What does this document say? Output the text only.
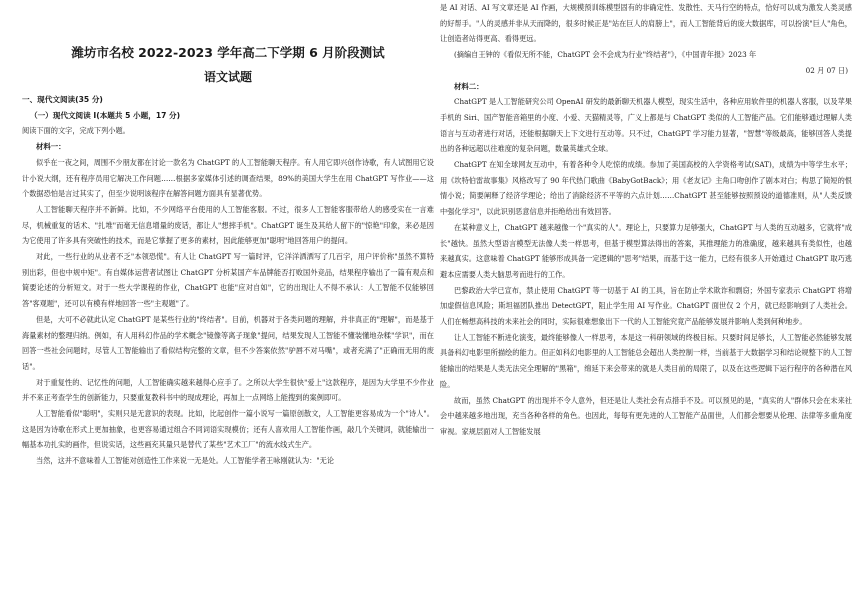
潍坊市名校 2022-2023 学年高二下学期 6 月阶段测试
语文试题

一、现代文阅读(35 分)

（一）现代文阅读 I(本题共 5 小题，17 分)

阅读下面的文字，完成下列小题。

材料一：

似乎在一夜之间，周围不少朋友都在讨论一款名为 ChatGPT 的人工智能聊天程序。有人用它即兴创作诗歌，有人试图用它设计小说大纲，还有程序员用它解决工作问题……根据多家媒体引述的调查结果，89%的美国大学生在用 ChatGPT 写作业——这个数据恐怕是言过其实了，但至少说明该程序在解答问题方面具有显著优势。

人工智能聊天程序并不新鲜。比如，不少网络平台使用的人工智能客服。不过，很多人工智能客服带给人的感受实在一言难尽，机械重复的话术、"扎堆"而毫无信息增量的废话，都让人"想摔手机"。ChatGPT 诞生及其给人留下的"惊艳"印象，来必是因为它使用了许多具有突破性的技术，而是它掌握了更多的素材，因此能够更加"聪明"地回答用户的提问。

对此，一些行业的从业者不乏"本领恐慌"。有人让 ChatGPT 写一篇时评，它洋洋洒洒写了几百字，用户评价称"虽然不算特别出彩，但也中规中矩"。有自媒体运营者试图让 ChatGPT 分析某国产车品牌能否打败国外竞品，结果程序输出了一篇有观点和简要论述的分析短文。对于一些大学课程的作业，ChatGPT 也能"应对自如"，它的出现让人不得不承认：人工智能不仅能够回答"客观题"，还可以有模有样地回答一些"主观题"了。

但是，大可不必就此认定 ChatGPT 是某些行业的"终结者"。目前，机器对于各类问题的理解，并非真正的"理解"，而是基于海量素材的整理归纳。例如，有人用科幻作品的学术概念"镜像等离子现象"提问，结果发现人工智能不懂装懂地杂糅"学识"，而在回答一些社会问题时，尽管人工智能输出了看似结构完整的文章，但不少答案依然"驴唇不对马嘴"，或者充满了"正确而无用的废话"。

对于重复性的、记忆性的问题，人工智能确实越来越得心应手了。之所以大学生很快"爱上"这款程序，是因为大学里不少作业并不来正考查学生的创新能力，只要重复教科书中的现成理论，再加上一点网络上能搜到的案例即可。

人工智能看似"聪明"，实则只是无意识的表现。比如，比起创作一篇小说写一篇原创散文，人工智能更容易成为一个"诗人"。这是因为诗歌在形式上更加抽象，也更容易通过组合不同词语实现模仿；还有人喜欢用人工智能作画，敲几个关键词，就能输出一幅基本功扎实的画作，但说实话，这些画充其量只是替代了某些"艺术工厂"的流水线式生产。

当然，这并不意味着人工智能对创造性工作来说一无是处。人工智能学者王咏刚就认为："无论

是 AI 对话、AI 写文章还是 AI 作画，大规模预训练模型固有的非确定性、发散性、天马行空的特点，恰好可以成为激发人类灵感的好帮手。"人的灵感并非从天而降的，很多时候正是"站在巨人的肩膀上"，而人工智能背后的庞大数据库，可以扮演"巨人"角色，让创造者站得更高、看得更远。

(摘编自王钟的《看似无所不能，ChatGPT 会不会成为行业"终结者"》，《中国青年报》2023 年

02 月 07 日)

材料二：

ChatGPT 是人工智能研究公司 OpenAI 研发的最新聊天机器人模型，现实生活中，各种应用软件里的机器人客服，以及苹果手机的 Siri、国产智能音箱里的小度、小爱、天猫精灵等，广义上都是与 ChatGPT 类似的人工智能产品。它们能够通过理解人类语言与互动者进行对话，还能根据聊天上下文进行互动等。只不过，ChatGPT 学习能力显著，"智慧"等级最高，能够回答人类提出的各种远超以往难度的复杂问题，数量英雄式全球。

ChatGPT 在知全球网友互动中，有着各种令人吃惊的成绩。参加了美国高校的入学资格考试(SAT)，成绩为中等学生水平；用《坎特伯雷故事集》风格改写了 90 年代热门歌曲《BabyGotBack》；用《老友记》主角口吻创作了剧本对白；构思了简短的恨情小说；简要阐释了经济学理论；给出了消除经济不平等的六点计划……ChatGPT 甚至能够按照预设的道德准则，从"人类反馈中强化学习"，以此识别恶意信息并拒绝给出有效回答。

在某种意义上，ChatGPT 越来越像一个"真实的人"。理论上，只要算力足够强大，ChatGPT 与人类的互动越多，它就将"成长"越快。虽然大型语言模型无法像人类一样思考，但基于模型算法得出的答案，其推理能力的准确度，越来越具有类似性，也越来越真实。这意味着 ChatGPT 能够形成具备一定逻辑的"思考"结果，而基于这一能力，已经有很多人开始通过 ChatGPT 取巧逃避本应需要人类大脑思考而进行的工作。

巴黎政治大学已宣布，禁止使用 ChatGPT 等一切基于 AI 的工具，旨在防止学术欺诈和剽窃；外国专家表示 ChatGPT 将增加虚假信息风险；斯坦福团队推出 DetectGPT，阻止学生用 AI 写作业。ChatGPT 面世仅 2 个月，就已经影响到了人类社会。人们在畅想高科技的未来社会的同时，实际很难想象出下一代的人工智能究竟产品能够发展并影响人类到何种地步。

让人工智能不断进化演变，最终能够像人一样思考，本是这一科研领域的终极目标。只要时间足够长，人工智能必然能够发展具备科幻电影里所描绘的能力。但正如科幻电影里的人工智能总会超出人类控制一样，当前基于大数据学习和结论规整下的人工智能输出的结果是人类无法完全理解的"黑箱"，绵延下来会带来的就是人类目前的局限了，以及在这些逻辑下运行程序的各种潜在风险。

故而，虽然 ChatGPT 的出现并不令人意外，但还是让人类社会有点措手不及。可以预见的是，"真实的人"群体只会在未来社会中越来越多地出现，充当各种各样的角色。也因此，每每有更先进的人工智能产品面世，人们都会想要从伦理、法律等多重角度审视。家规层面对人工智能发展
